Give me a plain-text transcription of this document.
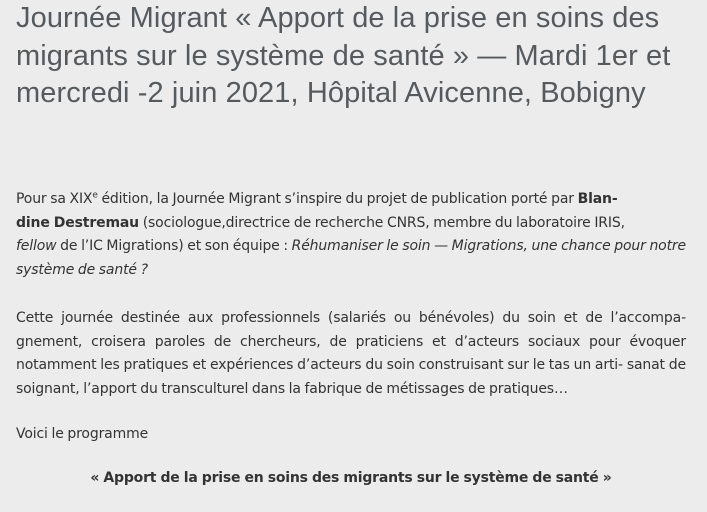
Journée Migrant « Apport de la prise en soins des migrants sur le système de santé » — Mardi 1er et mercredi -2 juin 2021, Hôpital Avicenne, Bobigny

Pour sa XIXe édition, la Journée Migrant s’inspire du projet de publication porté par Blan-
dine Destremau (sociologue,directrice de recherche CNRS, membre du laboratoire IRIS,
fellow de l’IC Migrations) et son équipe : Réhumaniser le soin — Migrations, une chance pour notre système de santé ?

Cette journée destinée aux professionnels (salariés ou bénévoles) du soin et de l’accompa- gnement, croisera paroles de chercheurs, de praticiens et d’acteurs sociaux pour évoquer notamment les pratiques et expériences d’acteurs du soin construisant sur le tas un arti- sanat de soignant, l’apport du transculturel dans la fabrique de métissages de pratiques…

Voici le programme

« Apport de la prise en soins des migrants sur le système de santé »
